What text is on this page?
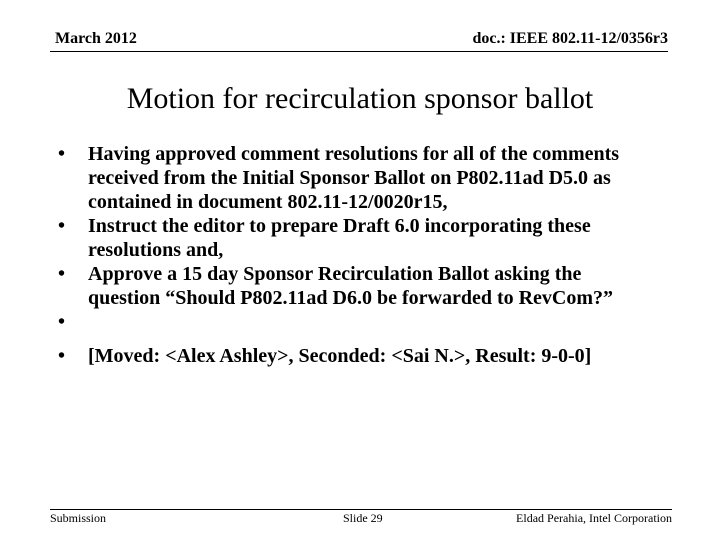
March 2012	doc.: IEEE 802.11-12/0356r3
Motion for recirculation sponsor ballot
• Having approved comment resolutions for all of the comments received from the Initial Sponsor Ballot on P802.11ad D5.0 as contained in document 802.11-12/0020r15,
• Instruct the editor to prepare Draft 6.0 incorporating these resolutions and,
• Approve a 15 day Sponsor Recirculation Ballot asking the question “Should P802.11ad D6.0 be forwarded to RevCom?”
•
• [Moved: <Alex Ashley>, Seconded: <Sai N.>, Result: 9-0-0]
Submission	Slide 29	Eldad Perahia, Intel Corporation
